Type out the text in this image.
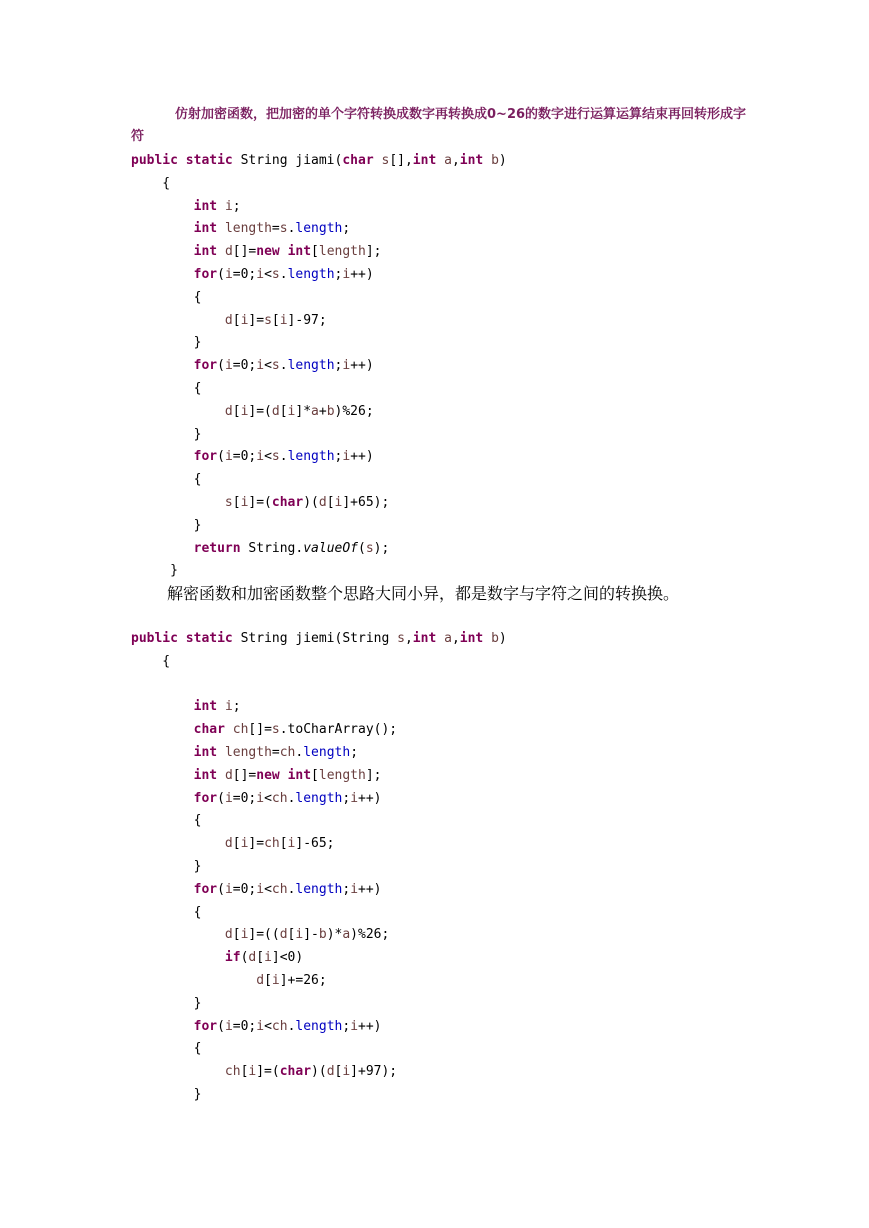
仿射加密函数，把加密的单个字符转换成数字再转换成0~26的数字进行运算运算结束再回转形成字符
public static String jiami(char s[],int a,int b)
{
int i;
int length=s.length;
int d[]=new int[length];
for(i=0;i<s.length;i++)
{
d[i]=s[i]-97;
}
for(i=0;i<s.length;i++)
{
d[i]=(d[i]*a+b)%26;
}
for(i=0;i<s.length;i++)
{
s[i]=(char)(d[i]+65);
}
return String.valueOf(s);
}
解密函数和加密函数整个思路大同小异，都是数字与字符之间的转换换。
public static String jiemi(String s,int a,int b)
{

int i;
char ch[]=s.toCharArray();
int length=ch.length;
int d[]=new int[length];
for(i=0;i<ch.length;i++)
{
d[i]=ch[i]-65;
}
for(i=0;i<ch.length;i++)
{
d[i]=((d[i]-b)*a)%26;
if(d[i]<0)
d[i]+=26;
}
for(i=0;i<ch.length;i++)
{
ch[i]=(char)(d[i]+97);
}
